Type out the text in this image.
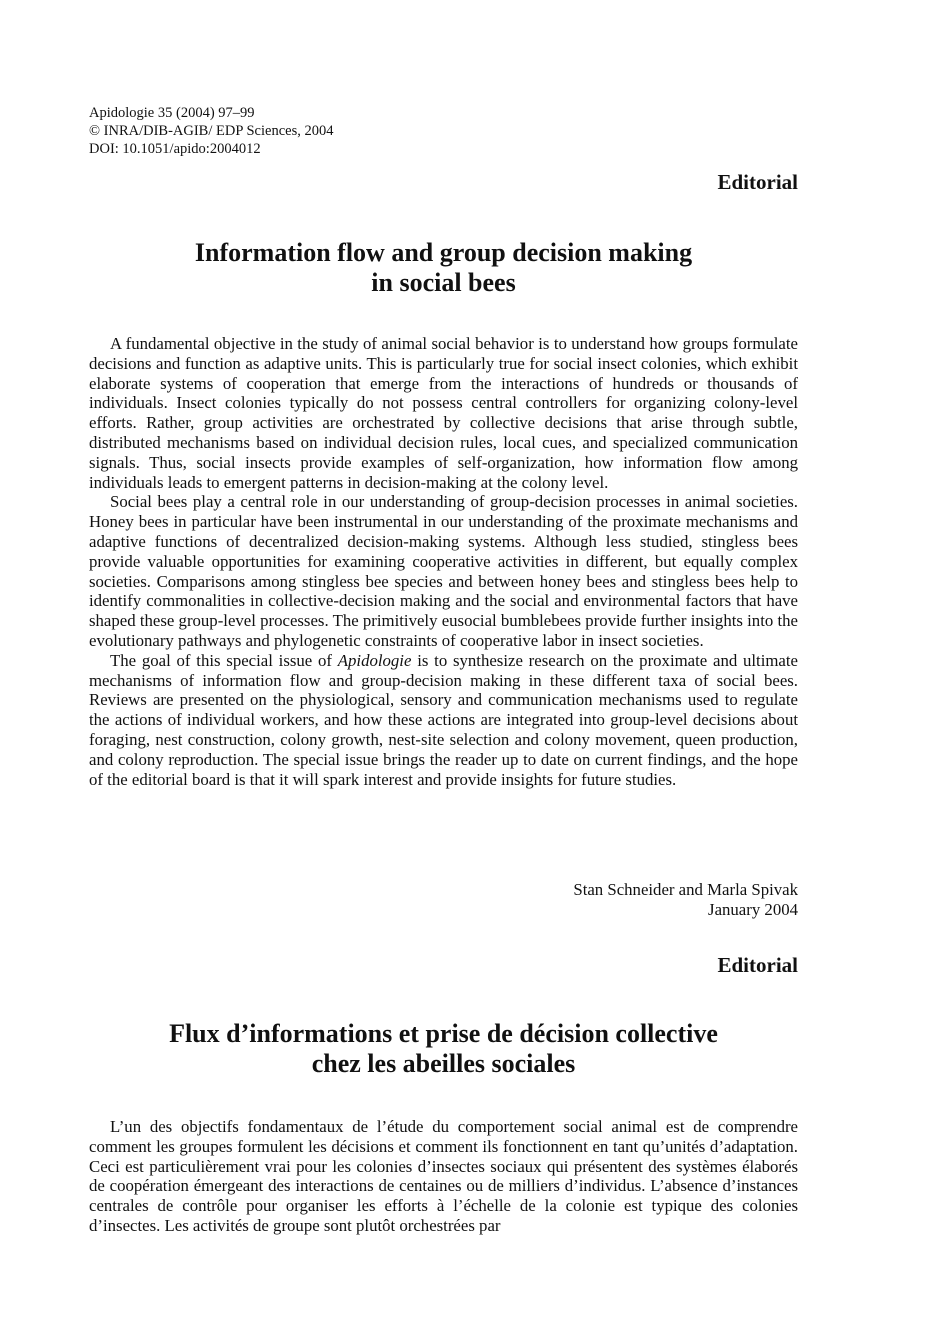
Apidologie 35 (2004) 97–99
© INRA/DIB-AGIB/ EDP Sciences, 2004
DOI: 10.1051/apido:2004012
Editorial
Information flow and group decision making
in social bees

A fundamental objective in the study of animal social behavior is to understand how groups formulate decisions and function as adaptive units. This is particularly true for social insect colonies, which exhibit elaborate systems of cooperation that emerge from the interactions of hundreds or thousands of individuals. Insect colonies typically do not possess central controllers for organizing colony-level efforts. Rather, group activities are orchestrated by collective decisions that arise through subtle, distributed mechanisms based on individual decision rules, local cues, and specialized communication signals. Thus, social insects provide examples of self-organization, how information flow among individuals leads to emergent patterns in decision-making at the colony level.

Social bees play a central role in our understanding of group-decision processes in animal societies. Honey bees in particular have been instrumental in our understanding of the proximate mechanisms and adaptive functions of decentralized decision-making systems. Although less studied, stingless bees provide valuable opportunities for examining cooperative activities in different, but equally complex societies. Comparisons among stingless bee species and between honey bees and stingless bees help to identify commonalities in collective-decision making and the social and environmental factors that have shaped these group-level processes. The primitively eusocial bumblebees provide further insights into the evolutionary pathways and phylogenetic constraints of cooperative labor in insect societies.

The goal of this special issue of Apidologie is to synthesize research on the proximate and ultimate mechanisms of information flow and group-decision making in these different taxa of social bees. Reviews are presented on the physiological, sensory and communication mechanisms used to regulate the actions of individual workers, and how these actions are integrated into group-level decisions about foraging, nest construction, colony growth, nest-site selection and colony movement, queen production, and colony reproduction. The special issue brings the reader up to date on current findings, and the hope of the editorial board is that it will spark interest and provide insights for future studies.

Stan Schneider and Marla Spivak
January 2004
Editorial
Flux d’informations et prise de décision collective
chez les abeilles sociales

L’un des objectifs fondamentaux de l’étude du comportement social animal est de comprendre comment les groupes formulent les décisions et comment ils fonctionnent en tant qu’unités d’adaptation. Ceci est particulièrement vrai pour les colonies d’insectes sociaux qui présentent des systèmes élaborés de coopération émergeant des interactions de centaines ou de milliers d’individus. L’absence d’instances centrales de contrôle pour organiser les efforts à l’échelle de la colonie est typique des colonies d’insectes. Les activités de groupe sont plutôt orchestrées par
